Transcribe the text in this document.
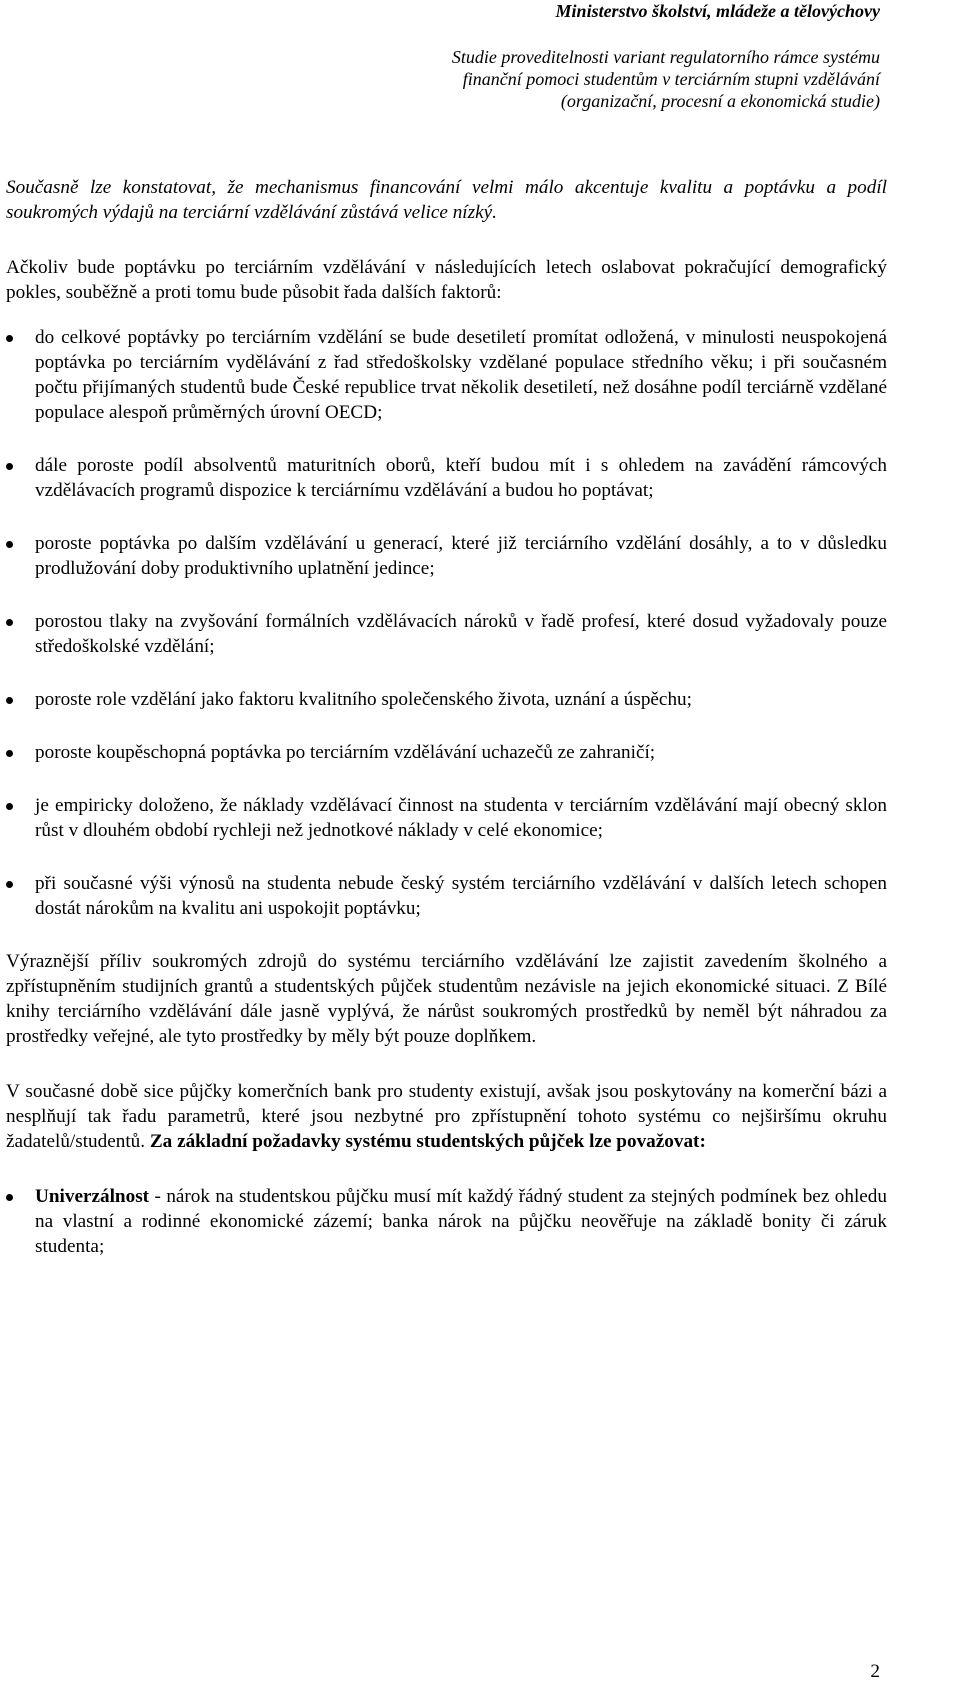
Ministerstvo školství, mládeže a tělovýchovy
Studie proveditelnosti variant regulatorního rámce systému
finanční pomoci studentům v terciárním stupni vzdělávání
(organizační, procesní a ekonomická studie)

Současně lze konstatovat, že mechanismus financování velmi málo akcentuje kvalitu a poptávku a podíl soukromých výdajů na terciární vzdělávání zůstává velice nízký.

Ačkoliv bude poptávku po terciárním vzdělávání v následujících letech oslabovat pokračující demografický pokles, souběžně a proti tomu bude působit řada dalších faktorů:

do celkové poptávky po terciárním vzdělání se bude desetiletí promítat odložená, v minulosti neuspokojená poptávka po terciárním vydělávání z řad středoškolsky vzdělané populace středního věku; i při současném počtu přijímaných studentů bude České republice trvat několik desetiletí, než dosáhne podíl terciárně vzdělané populace alespoň průměrných úrovní OECD;
dále poroste podíl absolventů maturitních oborů, kteří budou mít i s ohledem na zavádění rámcových vzdělávacích programů dispozice k terciárnímu vzdělávání a budou ho poptávat;
poroste poptávka po dalším vzdělávání u generací, které již terciárního vzdělání dosáhly, a to v důsledku prodlužování doby produktivního uplatnění jedince;
porostou tlaky na zvyšování formálních vzdělávacích nároků v řadě profesí, které dosud vyžadovaly pouze středoškolské vzdělání;
poroste role vzdělání jako faktoru kvalitního společenského života, uznání a úspěchu;
poroste koupěschopná poptávka po terciárním vzdělávání uchazečů ze zahraničí;
je empiricky doloženo, že náklady vzdělávací činnost na studenta v terciárním vzdělávání mají obecný sklon růst v dlouhém období rychleji než jednotkové náklady v celé ekonomice;
při současné výši výnosů na studenta nebude český systém terciárního vzdělávání v dalších letech schopen dostát nárokům na kvalitu ani uspokojit poptávku;

Výraznější příliv soukromých zdrojů do systému terciárního vzdělávání lze zajistit zavedením školného a zpřístupněním studijních grantů a studentských půjček studentům nezávisle na jejich ekonomické situaci. Z Bílé knihy terciárního vzdělávání dále jasně vyplývá, že nárůst soukromých prostředků by neměl být náhradou za prostředky veřejné, ale tyto prostředky by měly být pouze doplňkem.

V současné době sice půjčky komerčních bank pro studenty existují, avšak jsou poskytovány na komerční bázi a nesplňují tak řadu parametrů, které jsou nezbytné pro zpřístupnění tohoto systému co nejširšímu okruhu žadatelů/studentů. Za základní požadavky systému studentských půjček lze považovat:

Univerzálnost - nárok na studentskou půjčku musí mít každý řádný student za stejných podmínek bez ohledu na vlastní a rodinné ekonomické zázemí; banka nárok na půjčku neověřuje na základě bonity či záruk studenta;
2
